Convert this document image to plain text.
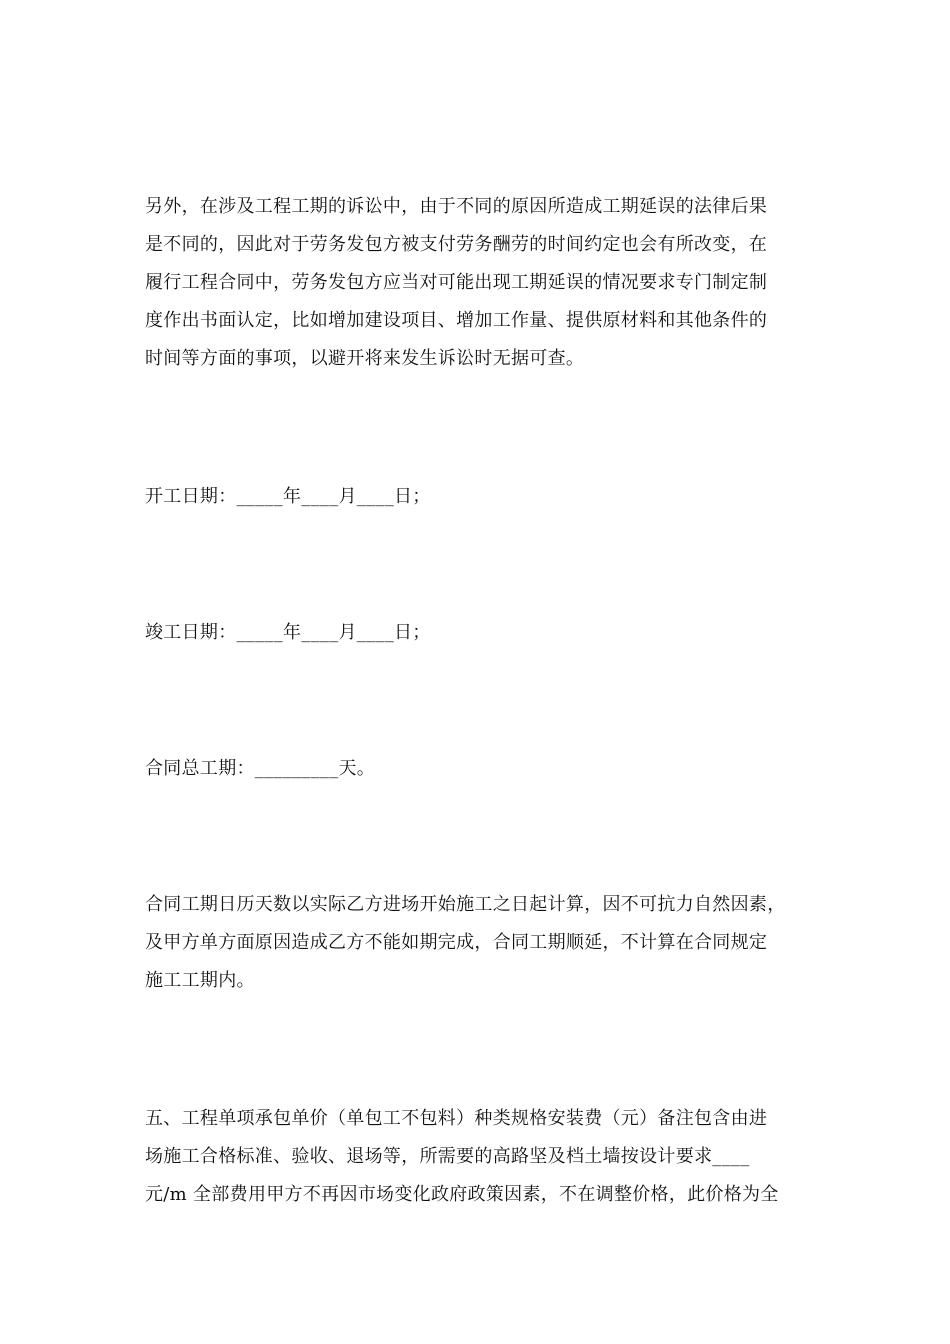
另外，在涉及工程工期的诉讼中，由于不同的原因所造成工期延误的法律后果
是不同的，因此对于劳务发包方被支付劳务酬劳的时间约定也会有所改变，在
履行工程合同中，劳务发包方应当对可能出现工期延误的情况要求专门制定制
度作出书面认定，比如增加建设项目、增加工作量、提供原材料和其他条件的
时间等方面的事项，以避开将来发生诉讼时无据可查。
开工日期：_____年____月____日；
竣工日期：_____年____月____日；
合同总工期：_________天。
合同工期日历天数以实际乙方进场开始施工之日起计算，因不可抗力自然因素，
及甲方单方面原因造成乙方不能如期完成，合同工期顺延，不计算在合同规定
施工工期内。
五、工程单项承包单价（单包工不包料）种类规格安装费（元）备注包含由进
场施工合格标准、验收、退场等，所需要的高路坚及档土墙按设计要求____
元/m 全部费用甲方不再因市场变化政府政策因素，不在调整价格，此价格为全
